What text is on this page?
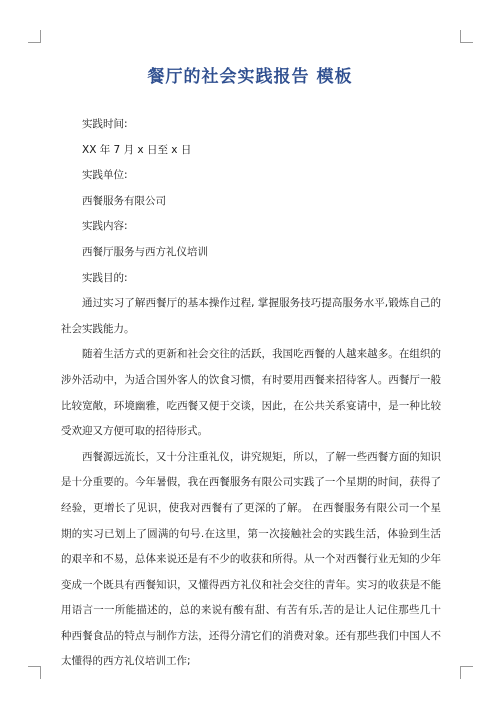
餐厅的社会实践报告 模板
实践时间:
XX 年 7 月 x 日至 x 日
实践单位:
西餐服务有限公司
实践内容:
西餐厅服务与西方礼仪培训
实践目的:

通过实习了解西餐厅的基本操作过程, 掌握服务技巧提高服务水平,锻炼自己的社会实践能力。

随着生活方式的更新和社会交往的活跃，我国吃西餐的人越来越多。在组织的涉外活动中，为适合国外客人的饮食习惯，有时要用西餐来招待客人。西餐厅一般比较宽敞，环境幽雅，吃西餐又便于交谈，因此，在公共关系宴请中，是一种比较受欢迎又方便可取的招待形式。

西餐源远流长，又十分注重礼仪，讲究规矩，所以，了解一些西餐方面的知识是十分重要的。今年暑假，我在西餐服务有限公司实践了一个星期的时间，获得了经验，更增长了见识，使我对西餐有了更深的了解。 在西餐服务有限公司一个星期的实习已划上了圆满的句号.在这里，第一次接触社会的实践生活，体验到生活的艰辛和不易，总体来说还是有不少的收获和所得。从一个对西餐行业无知的少年变成一个既具有西餐知识，又懂得西方礼仪和社会交往的青年。实习的收获是不能用语言一一所能描述的，总的来说有酸有甜、有苦有乐,苦的是让人记住那些几十种西餐食品的特点与制作方法，还得分清它们的消费对象。还有那些我们中国人不太懂得的西方礼仪培训工作;
